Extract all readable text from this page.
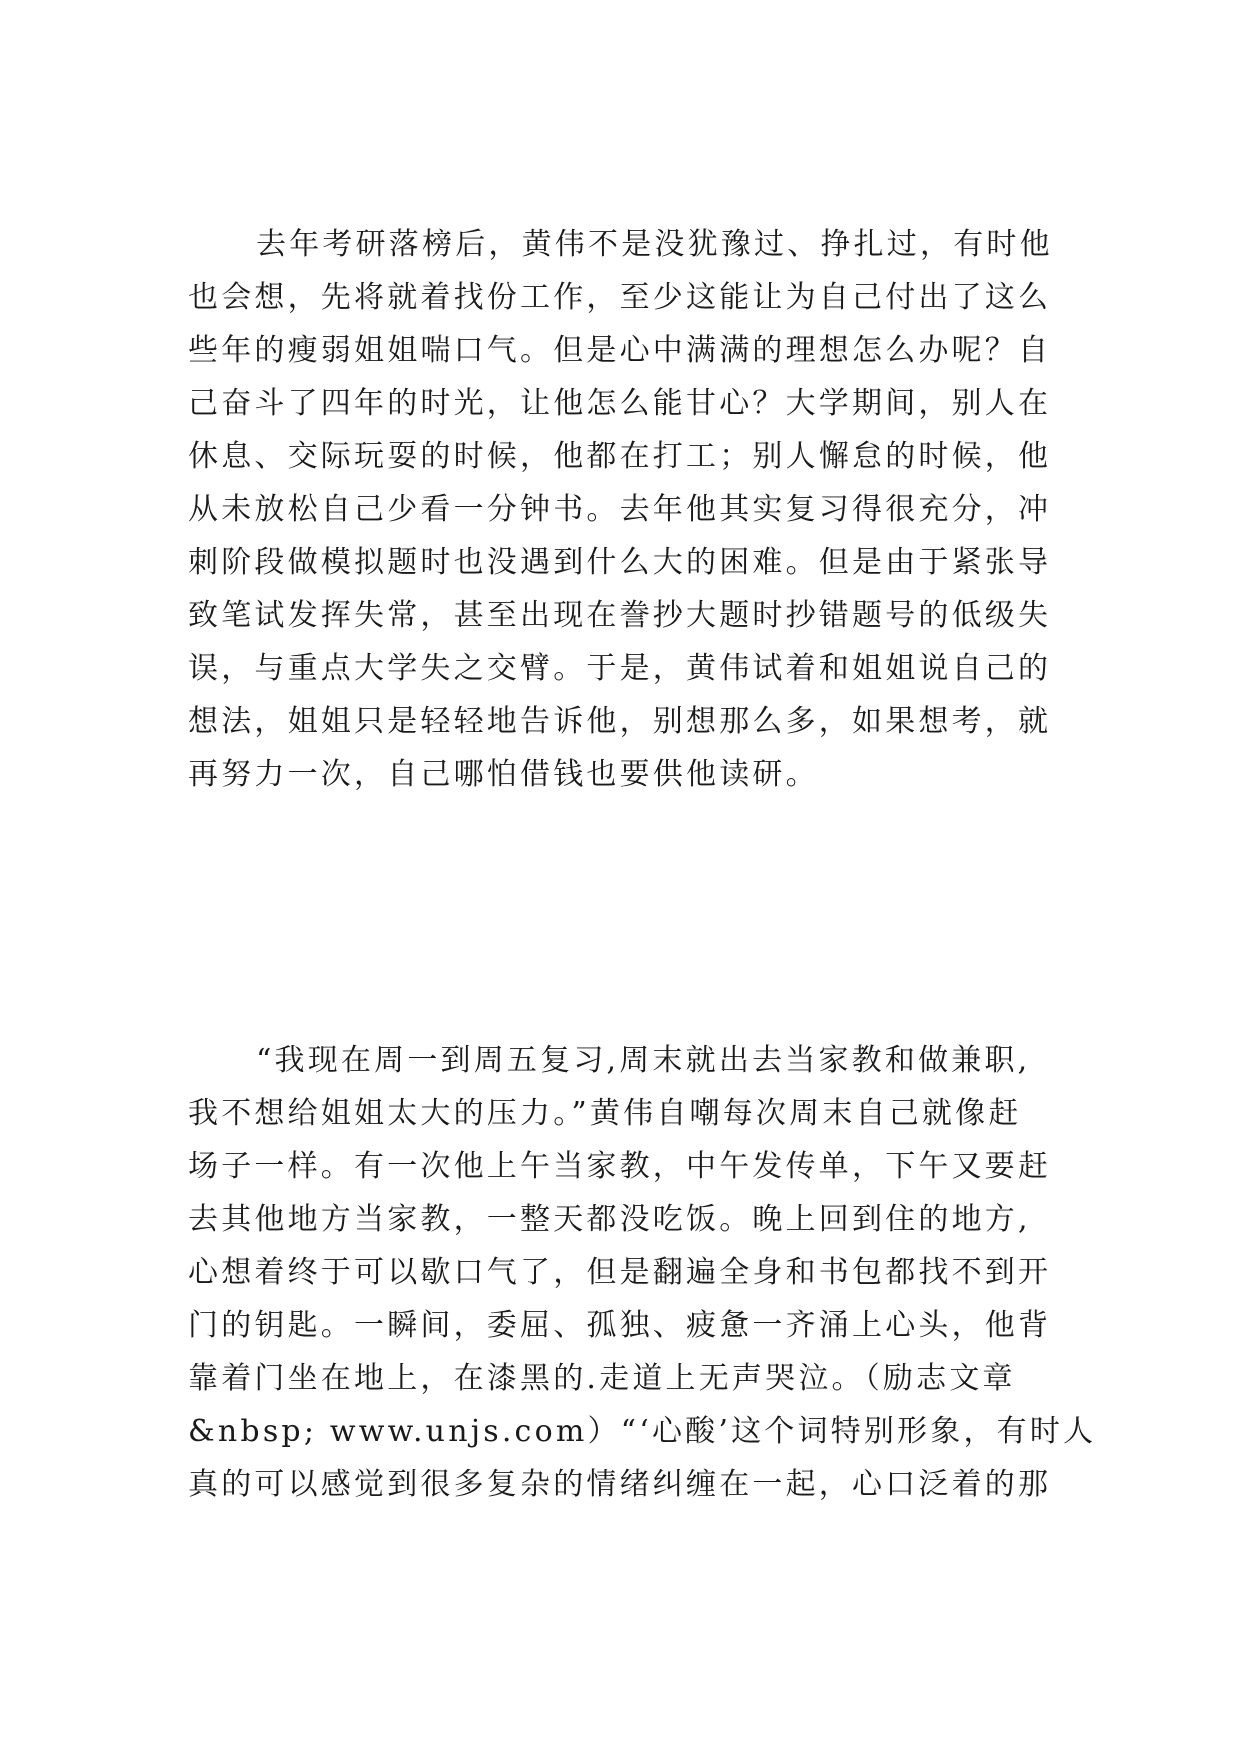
去年考研落榜后，黄伟不是没犹豫过、挣扎过，有时他
也会想，先将就着找份工作，至少这能让为自己付出了这么
些年的瘦弱姐姐喘口气。但是心中满满的理想怎么办呢？自
己奋斗了四年的时光，让他怎么能甘心？大学期间，别人在
休息、交际玩耍的时候，他都在打工；别人懈怠的时候，他
从未放松自己少看一分钟书。去年他其实复习得很充分，冲
刺阶段做模拟题时也没遇到什么大的困难。但是由于紧张导
致笔试发挥失常，甚至出现在誊抄大题时抄错题号的低级失
误，与重点大学失之交臂。于是，黄伟试着和姐姐说自己的
想法，姐姐只是轻轻地告诉他，别想那么多，如果想考，就
再努力一次，自己哪怕借钱也要供他读研。
“我现在周一到周五复习,周末就出去当家教和做兼职,
我不想给姐姐太大的压力。”黄伟自嘲每次周末自己就像赶
场子一样。有一次他上午当家教，中午发传单，下午又要赶
去其他地方当家教，一整天都没吃饭。晚上回到住的地方,
心想着终于可以歇口气了，但是翻遍全身和书包都找不到开
门的钥匙。一瞬间，委屈、孤独、疲惫一齐涌上心头，他背
靠着门坐在地上，在漆黑的.走道上无声哭泣。（励志文章
&nbsp; www.unjs.com）“‘心酸’这个词特别形象，有时人
真的可以感觉到很多复杂的情绪纠缠在一起，心口泛着的那
